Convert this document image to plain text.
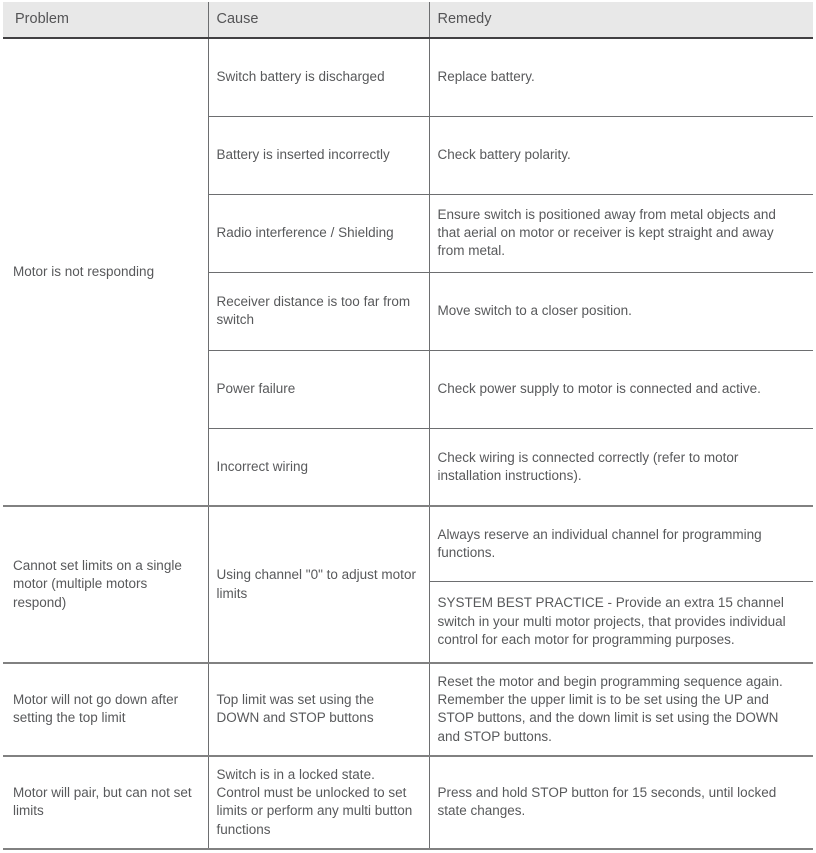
Problem	Cause	Remedy
Motor is not responding	Switch battery is discharged	Replace battery.
	Battery is inserted incorrectly	Check battery polarity.
	Radio interference / Shielding	Ensure switch is positioned away from metal objects and that aerial on motor or receiver is kept straight and away from metal.
	Receiver distance is too far from switch	Move switch to a closer position.
	Power failure	Check power supply to motor is connected and active.
	Incorrect wiring	Check wiring is connected correctly (refer to motor installation instructions).
Cannot set limits on a single motor (multiple motors respond)	Using channel "0" to adjust motor limits	Always reserve an individual channel for programming functions.
		SYSTEM BEST PRACTICE - Provide an extra 15 channel switch in your multi motor projects, that provides individual control for each motor for programming purposes.
Motor will not go down after setting the top limit	Top limit was set using the DOWN and STOP buttons	Reset the motor and begin programming sequence again. Remember the upper limit is to be set using the UP and STOP buttons, and the down limit is set using the DOWN and STOP buttons.
Motor will pair, but can not set limits	Switch is in a locked state. Control must be unlocked to set limits or perform any multi button functions	Press and hold STOP button for 15 seconds, until locked state changes.
